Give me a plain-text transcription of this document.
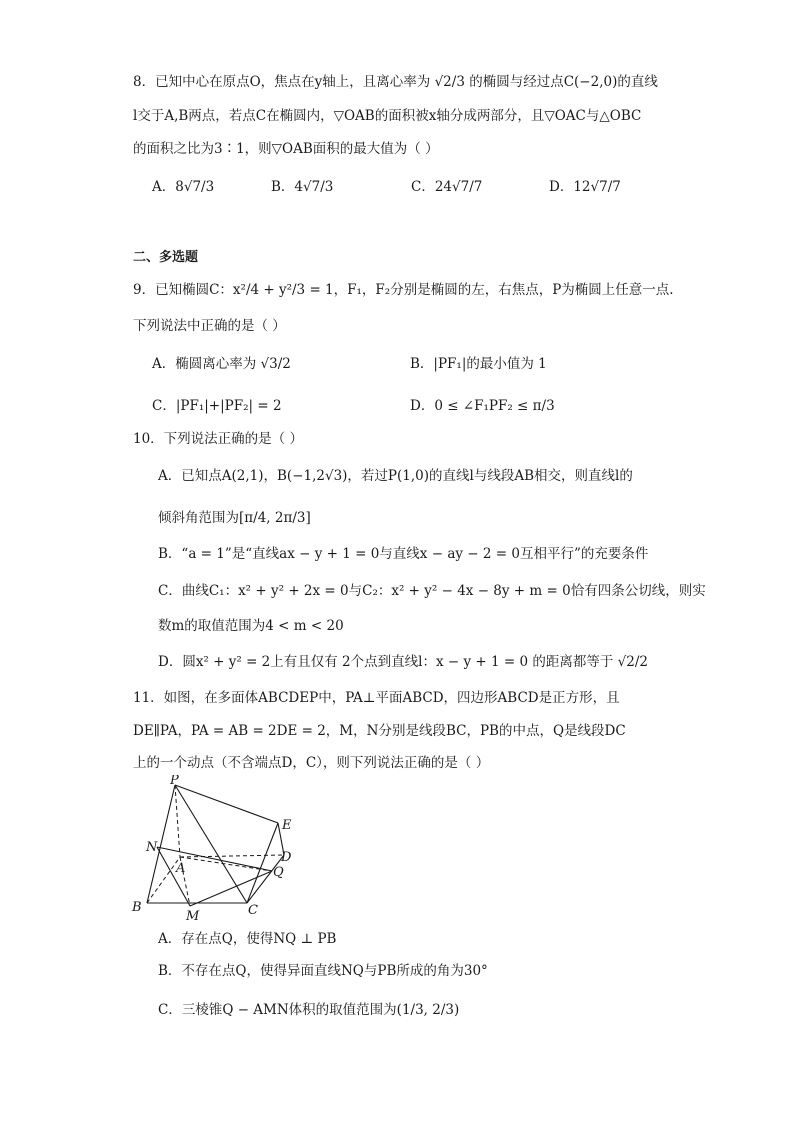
8．已知中心在原点O，焦点在y轴上，且离心率为 √2/3 的椭圆与经过点C(−2,0)的直线
l交于A,B两点，若点C在椭圆内，▽OAB的面积被x轴分成两部分，且▽OAC与△OBC
的面积之比为3∶1，则▽OAB面积的最大值为（ ）
A．8√7/3	B．4√7/3	C．24√7/7	D．12√7/7
二、多选题
9．已知椭圆C：x²/4 + y²/3 = 1，F₁，F₂分别是椭圆的左，右焦点，P为椭圆上任意一点.
下列说法中正确的是（ ）
A．椭圆离心率为 √3/2	B．|PF₁|的最小值为 1
C．|PF₁|+|PF₂| = 2	D．0 ≤ ∠F₁PF₂ ≤ π/3
10．下列说法正确的是（ ）
A．已知点A(2,1)，B(−1,2√3)，若过P(1,0)的直线l与线段AB相交，则直线l的
倾斜角范围为[π/4, 2π/3]
B．“a = 1”是“直线ax − y + 1 = 0与直线x − ay − 2 = 0互相平行”的充要条件
C．曲线C₁：x² + y² + 2x = 0与C₂：x² + y² − 4x − 8y + m = 0恰有四条公切线，则实
数m的取值范围为4 < m < 20
D．圆x² + y² = 2上有且仅有 2个点到直线l：x − y + 1 = 0 的距离都等于 √2/2
11．如图，在多面体ABCDEP中，PA⊥平面ABCD，四边形ABCD是正方形，且
DE∥PA，PA = AB = 2DE = 2，M，N分别是线段BC，PB的中点，Q是线段DC
上的一个动点（不含端点D，C），则下列说法正确的是（ ）
P
E
N
A
D
Q
B
M	C
A．存在点Q，使得NQ ⊥ PB
B．不存在点Q，使得异面直线NQ与PB所成的角为30°
C．三棱锥Q − AMN体积的取值范围为(1/3, 2/3)
